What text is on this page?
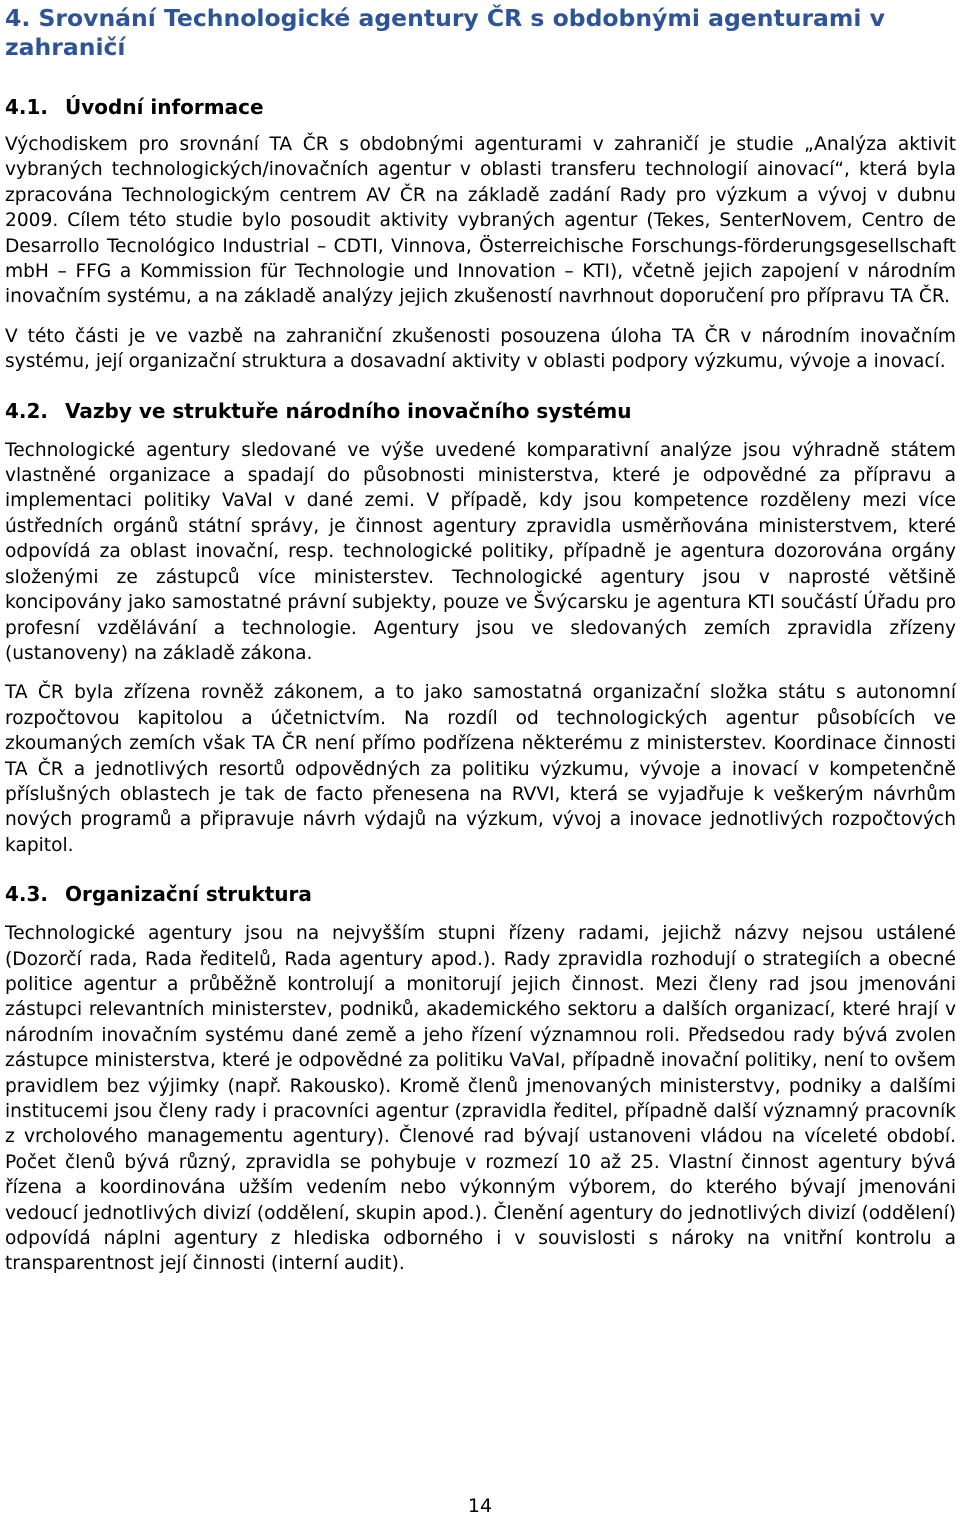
4. Srovnání Technologické agentury ČR s obdobnými agenturami v zahraničí
4.1. Úvodní informace

Východiskem pro srovnání TA ČR s obdobnými agenturami v zahraničí je studie „Analýza aktivit vybraných technologických/inovačních agentur v oblasti transferu technologií ainovací“, která byla zpracována Technologickým centrem AV ČR na základě zadání Rady pro výzkum a vývoj v dubnu 2009. Cílem této studie bylo posoudit aktivity vybraných agentur (Tekes, SenterNovem, Centro de Desarrollo Tecnológico Industrial – CDTI, Vinnova, Österreichische Forschungs-förderungsgesellschaft mbH – FFG a Kommission für Technologie und Innovation – KTI), včetně jejich zapojení v národním inovačním systému, a na základě analýzy jejich zkušeností navrhnout doporučení pro přípravu TA ČR.

V této části je ve vazbě na zahraniční zkušenosti posouzena úloha TA ČR v národním inovačním systému, její organizační struktura a dosavadní aktivity v oblasti podpory výzkumu, vývoje a inovací.

4.2. Vazby ve struktuře národního inovačního systému

Technologické agentury sledované ve výše uvedené komparativní analýze jsou výhradně státem vlastněné organizace a spadají do působnosti ministerstva, které je odpovědné za přípravu a implementaci politiky VaVaI v dané zemi. V případě, kdy jsou kompetence rozděleny mezi více ústředních orgánů státní správy, je činnost agentury zpravidla usměrňována ministerstvem, které odpovídá za oblast inovační, resp. technologické politiky, případně je agentura dozorována orgány složenými ze zástupců více ministerstev. Technologické agentury jsou v naprosté většině koncipovány jako samostatné právní subjekty, pouze ve Švýcarsku je agentura KTI součástí Úřadu pro profesní vzdělávání a technologie. Agentury jsou ve sledovaných zemích zpravidla zřízeny (ustanoveny) na základě zákona.

TA ČR byla zřízena rovněž zákonem, a to jako samostatná organizační složka státu s autonomní rozpočtovou kapitolou a účetnictvím. Na rozdíl od technologických agentur působících ve zkoumaných zemích však TA ČR není přímo podřízena některému z ministerstev. Koordinace činnosti TA ČR a jednotlivých resortů odpovědných za politiku výzkumu, vývoje a inovací v kompetenčně příslušných oblastech je tak de facto přenesena na RVVI, která se vyjadřuje k veškerým návrhům nových programů a připravuje návrh výdajů na výzkum, vývoj a inovace jednotlivých rozpočtových kapitol.

4.3. Organizační struktura

Technologické agentury jsou na nejvyšším stupni řízeny radami, jejichž názvy nejsou ustálené (Dozorčí rada, Rada ředitelů, Rada agentury apod.). Rady zpravidla rozhodují o strategiích a obecné politice agentur a průběžně kontrolují a monitorují jejich činnost. Mezi členy rad jsou jmenováni zástupci relevantních ministerstev, podniků, akademického sektoru a dalších organizací, které hrají v národním inovačním systému dané země a jeho řízení významnou roli. Předsedou rady bývá zvolen zástupce ministerstva, které je odpovědné za politiku VaVaI, případně inovační politiky, není to ovšem pravidlem bez výjimky (např. Rakousko). Kromě členů jmenovaných ministerstvy, podniky a dalšími institucemi jsou členy rady i pracovníci agentur (zpravidla ředitel, případně další významný pracovník z vrcholového managementu agentury). Členové rad bývají ustanoveni vládou na víceleté období. Počet členů bývá různý, zpravidla se pohybuje v rozmezí 10 až 25. Vlastní činnost agentury bývá řízena a koordinována užším vedením nebo výkonným výborem, do kterého bývají jmenováni vedoucí jednotlivých divizí (oddělení, skupin apod.). Členění agentury do jednotlivých divizí (oddělení) odpovídá náplni agentury z hlediska odborného i v souvislosti s nároky na vnitřní kontrolu a transparentnost její činnosti (interní audit).

14
